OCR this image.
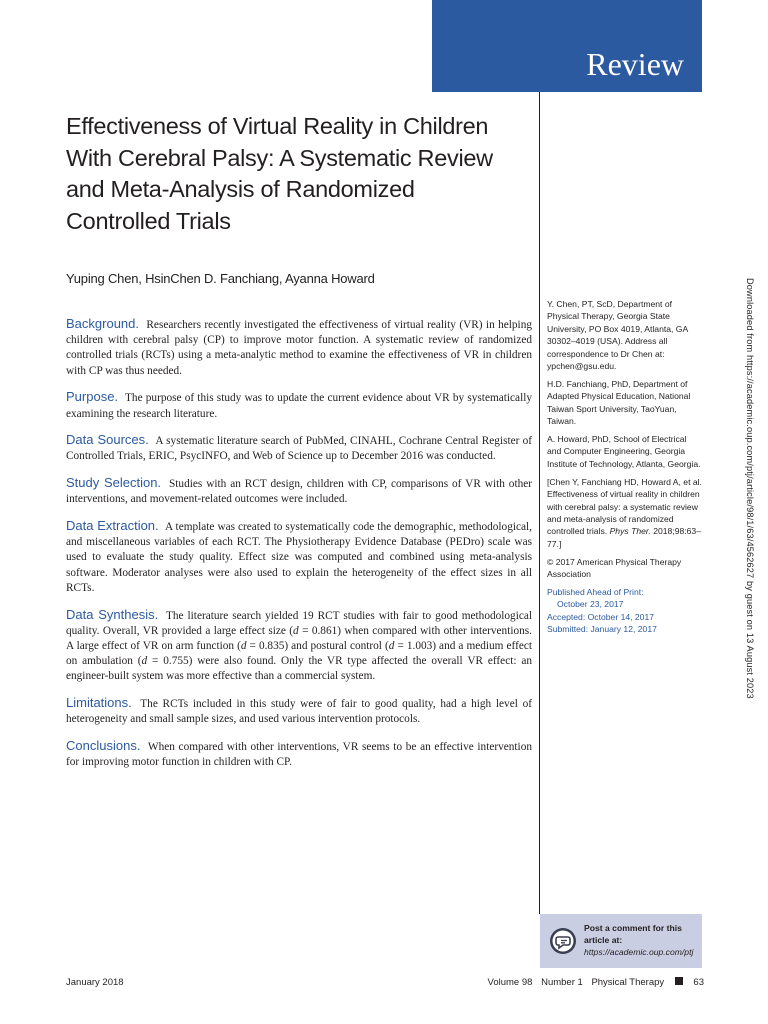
Review
Effectiveness of Virtual Reality in Children With Cerebral Palsy: A Systematic Review and Meta-Analysis of Randomized Controlled Trials
Yuping Chen, HsinChen D. Fanchiang, Ayanna Howard

Background. Researchers recently investigated the effectiveness of virtual reality (VR) in helping children with cerebral palsy (CP) to improve motor function. A systematic review of randomized controlled trials (RCTs) using a meta-analytic method to examine the effectiveness of VR in children with CP was thus needed.

Purpose. The purpose of this study was to update the current evidence about VR by systematically examining the research literature.

Data Sources. A systematic literature search of PubMed, CINAHL, Cochrane Central Register of Controlled Trials, ERIC, PsycINFO, and Web of Science up to December 2016 was conducted.

Study Selection. Studies with an RCT design, children with CP, comparisons of VR with other interventions, and movement-related outcomes were included.

Data Extraction. A template was created to systematically code the demographic, methodological, and miscellaneous variables of each RCT. The Physiotherapy Evidence Database (PEDro) scale was used to evaluate the study quality. Effect size was computed and combined using meta-analysis software. Moderator analyses were also used to explain the heterogeneity of the effect sizes in all RCTs.

Data Synthesis. The literature search yielded 19 RCT studies with fair to good methodological quality. Overall, VR provided a large effect size (d = 0.861) when compared with other interventions. A large effect of VR on arm function (d = 0.835) and postural control (d = 1.003) and a medium effect on ambulation (d = 0.755) were also found. Only the VR type affected the overall VR effect: an engineer-built system was more effective than a commercial system.

Limitations. The RCTs included in this study were of fair to good quality, had a high level of heterogeneity and small sample sizes, and used various intervention protocols.

Conclusions. When compared with other interventions, VR seems to be an effective intervention for improving motor function in children with CP.

Y. Chen, PT, ScD, Department of Physical Therapy, Georgia State University, PO Box 4019, Atlanta, GA 30302–4019 (USA). Address all correspondence to Dr Chen at: ypchen@gsu.edu.

H.D. Fanchiang, PhD, Department of Adapted Physical Education, National Taiwan Sport University, TaoYuan, Taiwan.

A. Howard, PhD, School of Electrical and Computer Engineering, Georgia Institute of Technology, Atlanta, Georgia.

[Chen Y, Fanchiang HD, Howard A, et al. Effectiveness of virtual reality in children with cerebral palsy: a systematic review and meta-analysis of randomized controlled trials. Phys Ther. 2018;98:63–77.]

© 2017 American Physical Therapy Association

Published Ahead of Print:

October 23, 2017

Accepted: October 14, 2017

Submitted: January 12, 2017

Post a comment for this article at:
https://academic.oup.com/ptj
Downloaded from https://academic.oup.com/ptj/article/98/1/63/4562627 by guest on 13 August 2023
January 2018	Volume 98 Number 1 Physical Therapy	63
